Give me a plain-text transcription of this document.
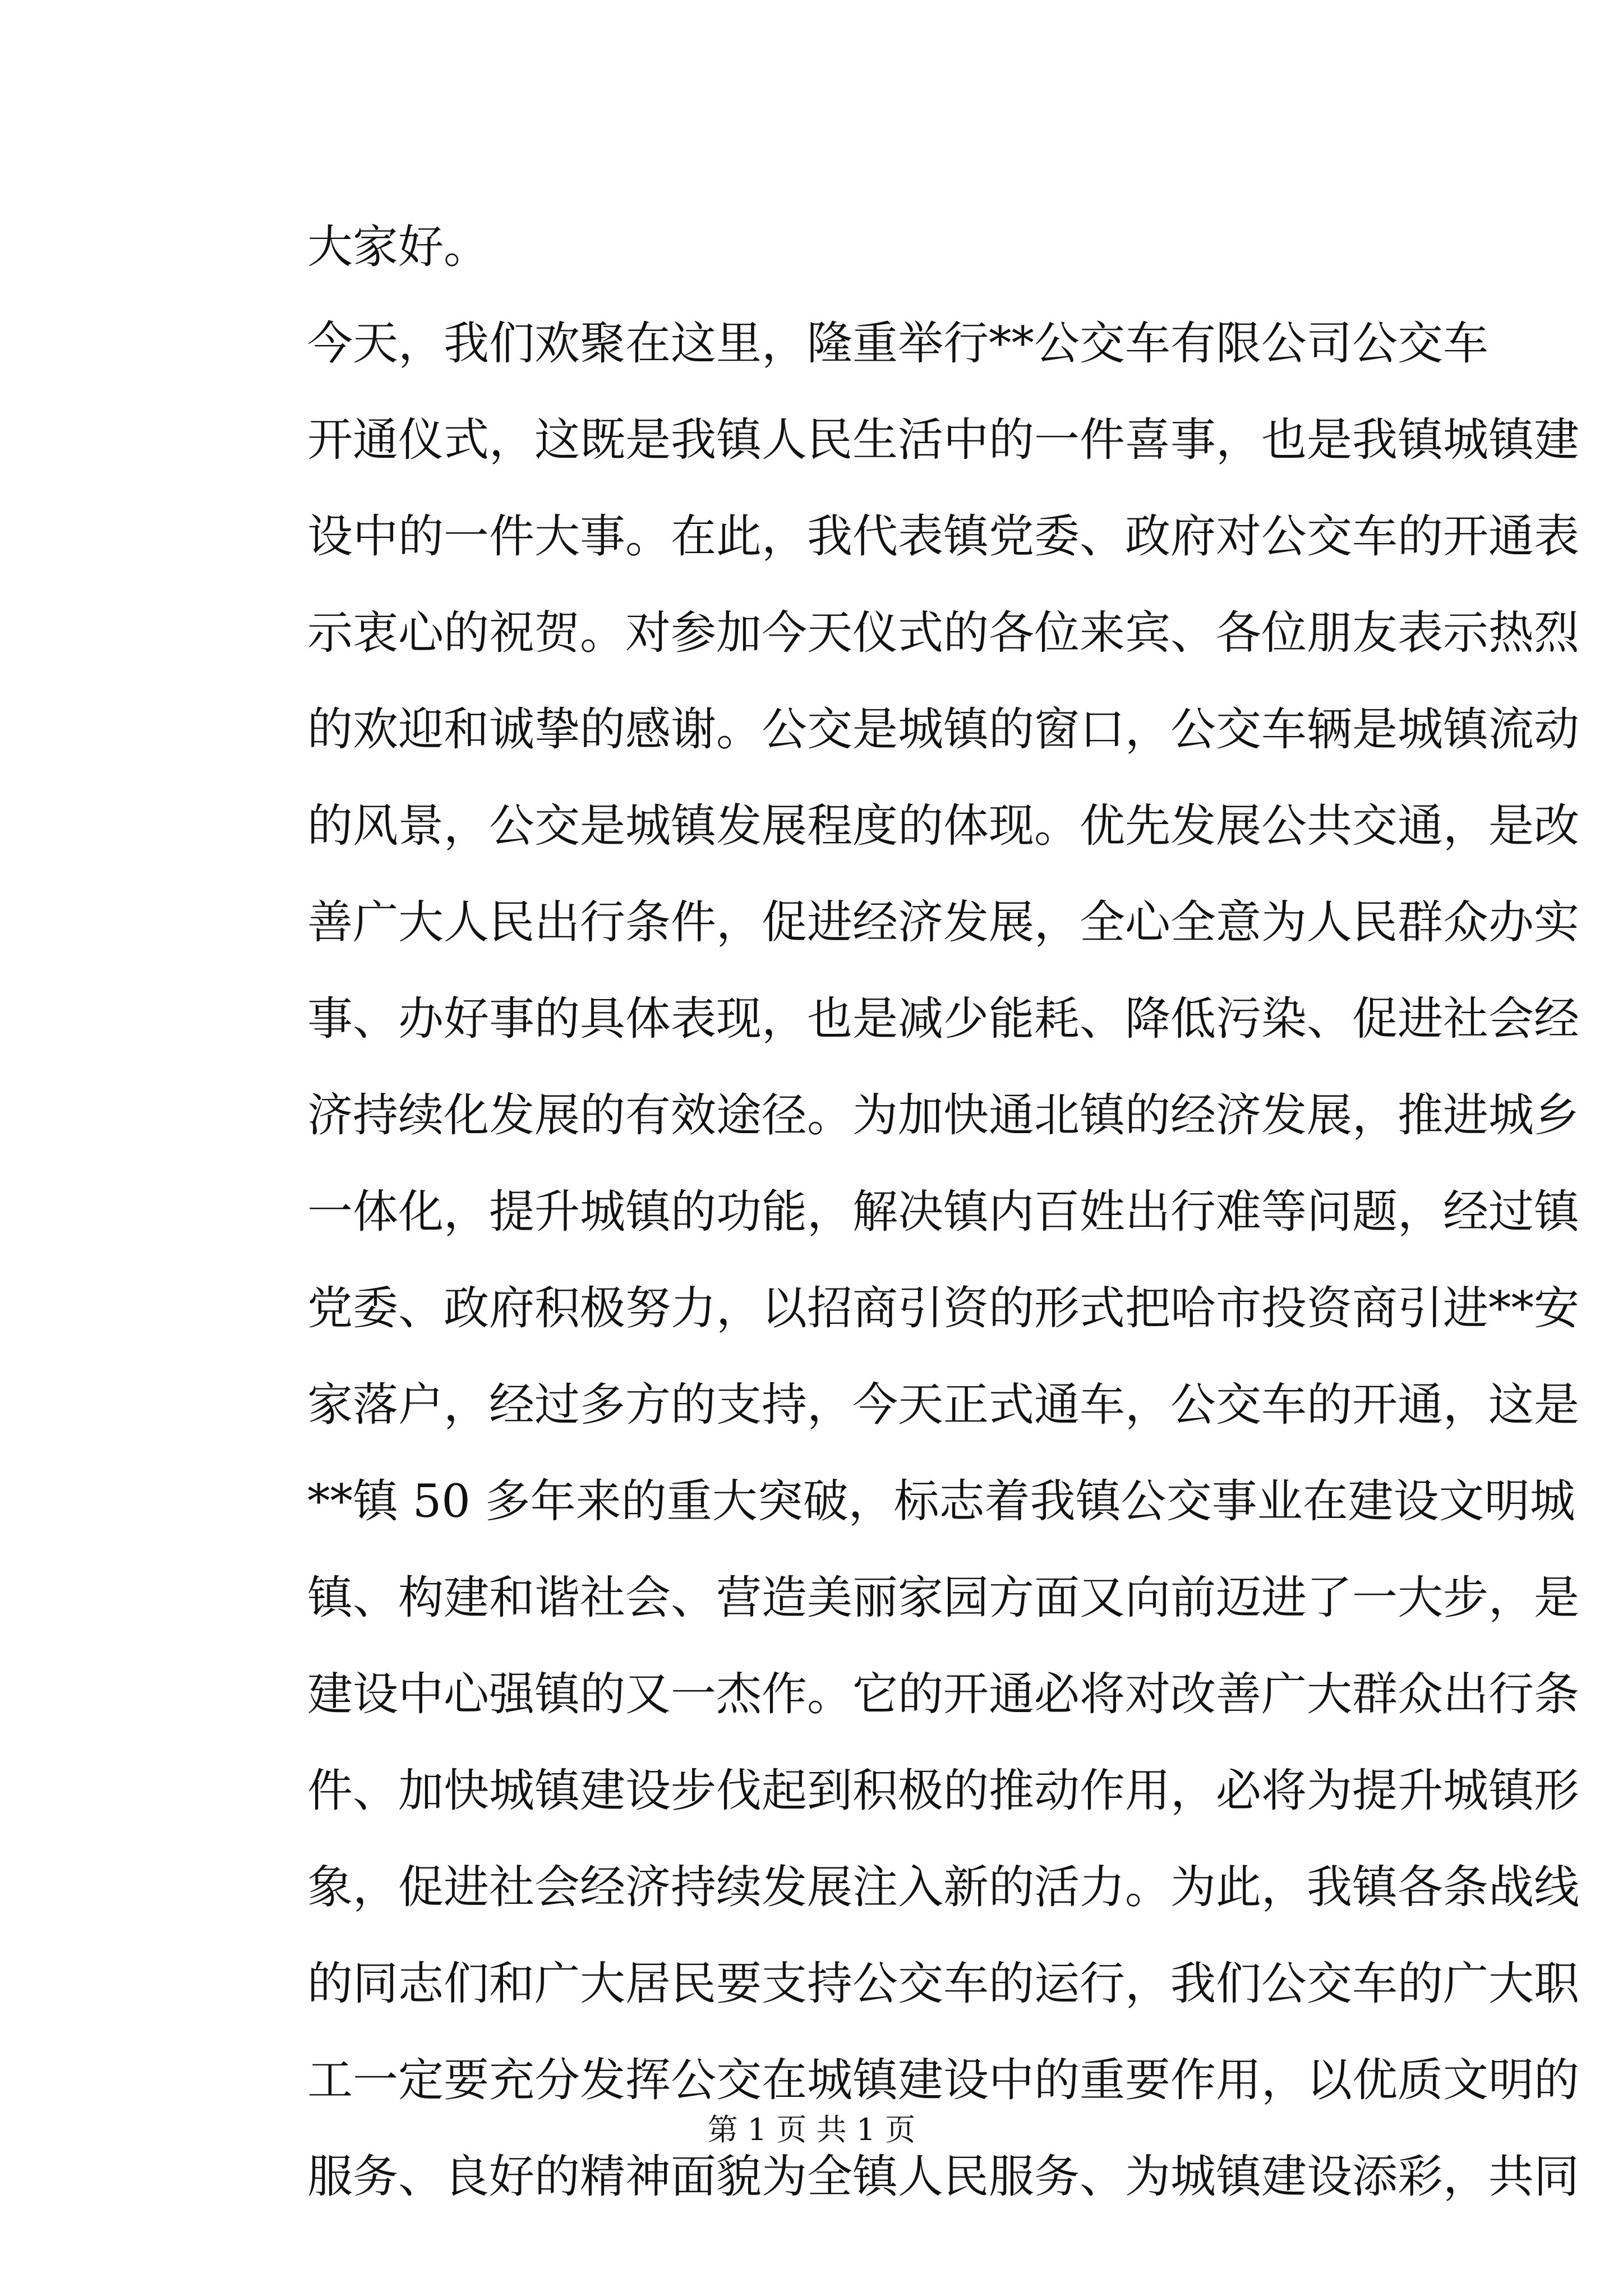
大家好。
今天，我们欢聚在这里，隆重举行**公交车有限公司公交车
开通仪式，这既是我镇人民生活中的一件喜事，也是我镇城镇建
设中的一件大事。在此，我代表镇党委、政府对公交车的开通表
示衷心的祝贺。对参加今天仪式的各位来宾、各位朋友表示热烈
的欢迎和诚挚的感谢。公交是城镇的窗口，公交车辆是城镇流动
的风景，公交是城镇发展程度的体现。优先发展公共交通，是改
善广大人民出行条件，促进经济发展，全心全意为人民群众办实
事、办好事的具体表现，也是减少能耗、降低污染、促进社会经
济持续化发展的有效途径。为加快通北镇的经济发展，推进城乡
一体化，提升城镇的功能，解决镇内百姓出行难等问题，经过镇
党委、政府积极努力，以招商引资的形式把哈市投资商引进**安
家落户，经过多方的支持，今天正式通车，公交车的开通，这是
**镇 50 多年来的重大突破，标志着我镇公交事业在建设文明城
镇、构建和谐社会、营造美丽家园方面又向前迈进了一大步，是
建设中心强镇的又一杰作。它的开通必将对改善广大群众出行条
件、加快城镇建设步伐起到积极的推动作用，必将为提升城镇形
象，促进社会经济持续发展注入新的活力。为此，我镇各条战线
的同志们和广大居民要支持公交车的运行，我们公交车的广大职
工一定要充分发挥公交在城镇建设中的重要作用，以优质文明的
服务、良好的精神面貌为全镇人民服务、为城镇建设添彩，共同
第 1 页 共 1 页
